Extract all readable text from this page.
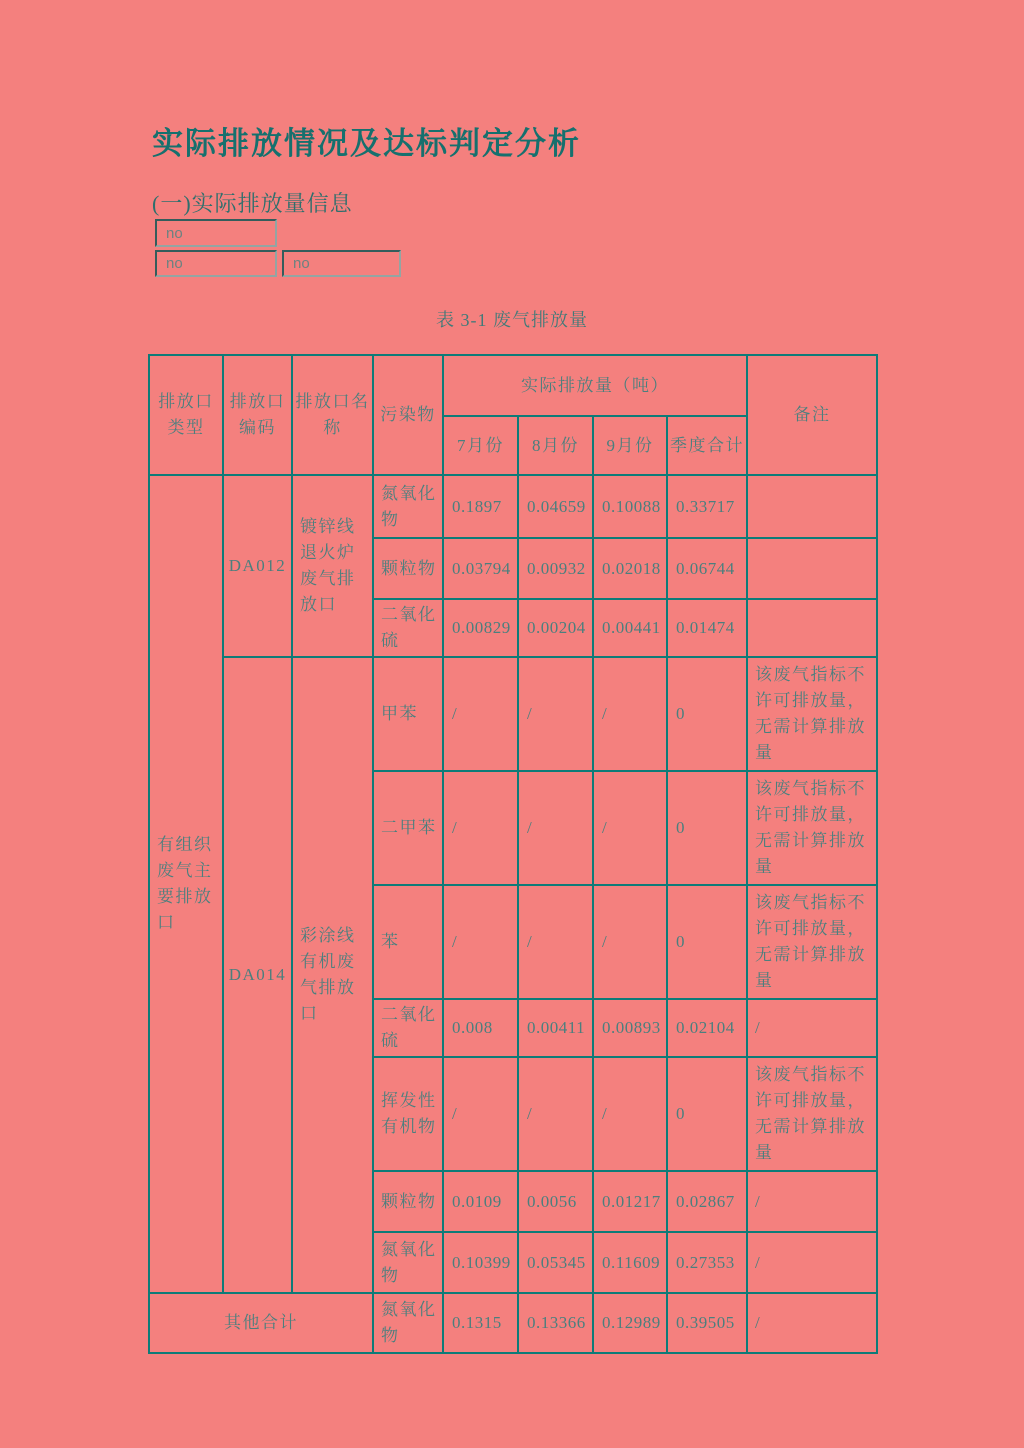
实际排放情况及达标判定分析
(一)实际排放量信息
no
no	no
表 3-1 废气排放量
排放口类型	排放口编码	排放口名称	污染物	实际排放量（吨）				备注
				7月份	8月份	9月份	季度合计	
有组织废气主要排放口	DA012	镀锌线退火炉废气排放口	氮氧化物	0.1897	0.04659	0.10088	0.33717	
			颗粒物	0.03794	0.00932	0.02018	0.06744	
			二氧化硫	0.00829	0.00204	0.00441	0.01474	
	DA014	彩涂线有机废气排放口	甲苯	/	/	/	0	该废气指标不许可排放量，无需计算排放量
			二甲苯	/	/	/	0	该废气指标不许可排放量，无需计算排放量
			苯	/	/	/	0	该废气指标不许可排放量，无需计算排放量
			二氧化硫	0.008	0.00411	0.00893	0.02104	/
			挥发性有机物	/	/	/	0	该废气指标不许可排放量，无需计算排放量
			颗粒物	0.0109	0.0056	0.01217	0.02867	/
			氮氧化物	0.10399	0.05345	0.11609	0.27353	/
其他合计			氮氧化物	0.1315	0.13366	0.12989	0.39505	/
